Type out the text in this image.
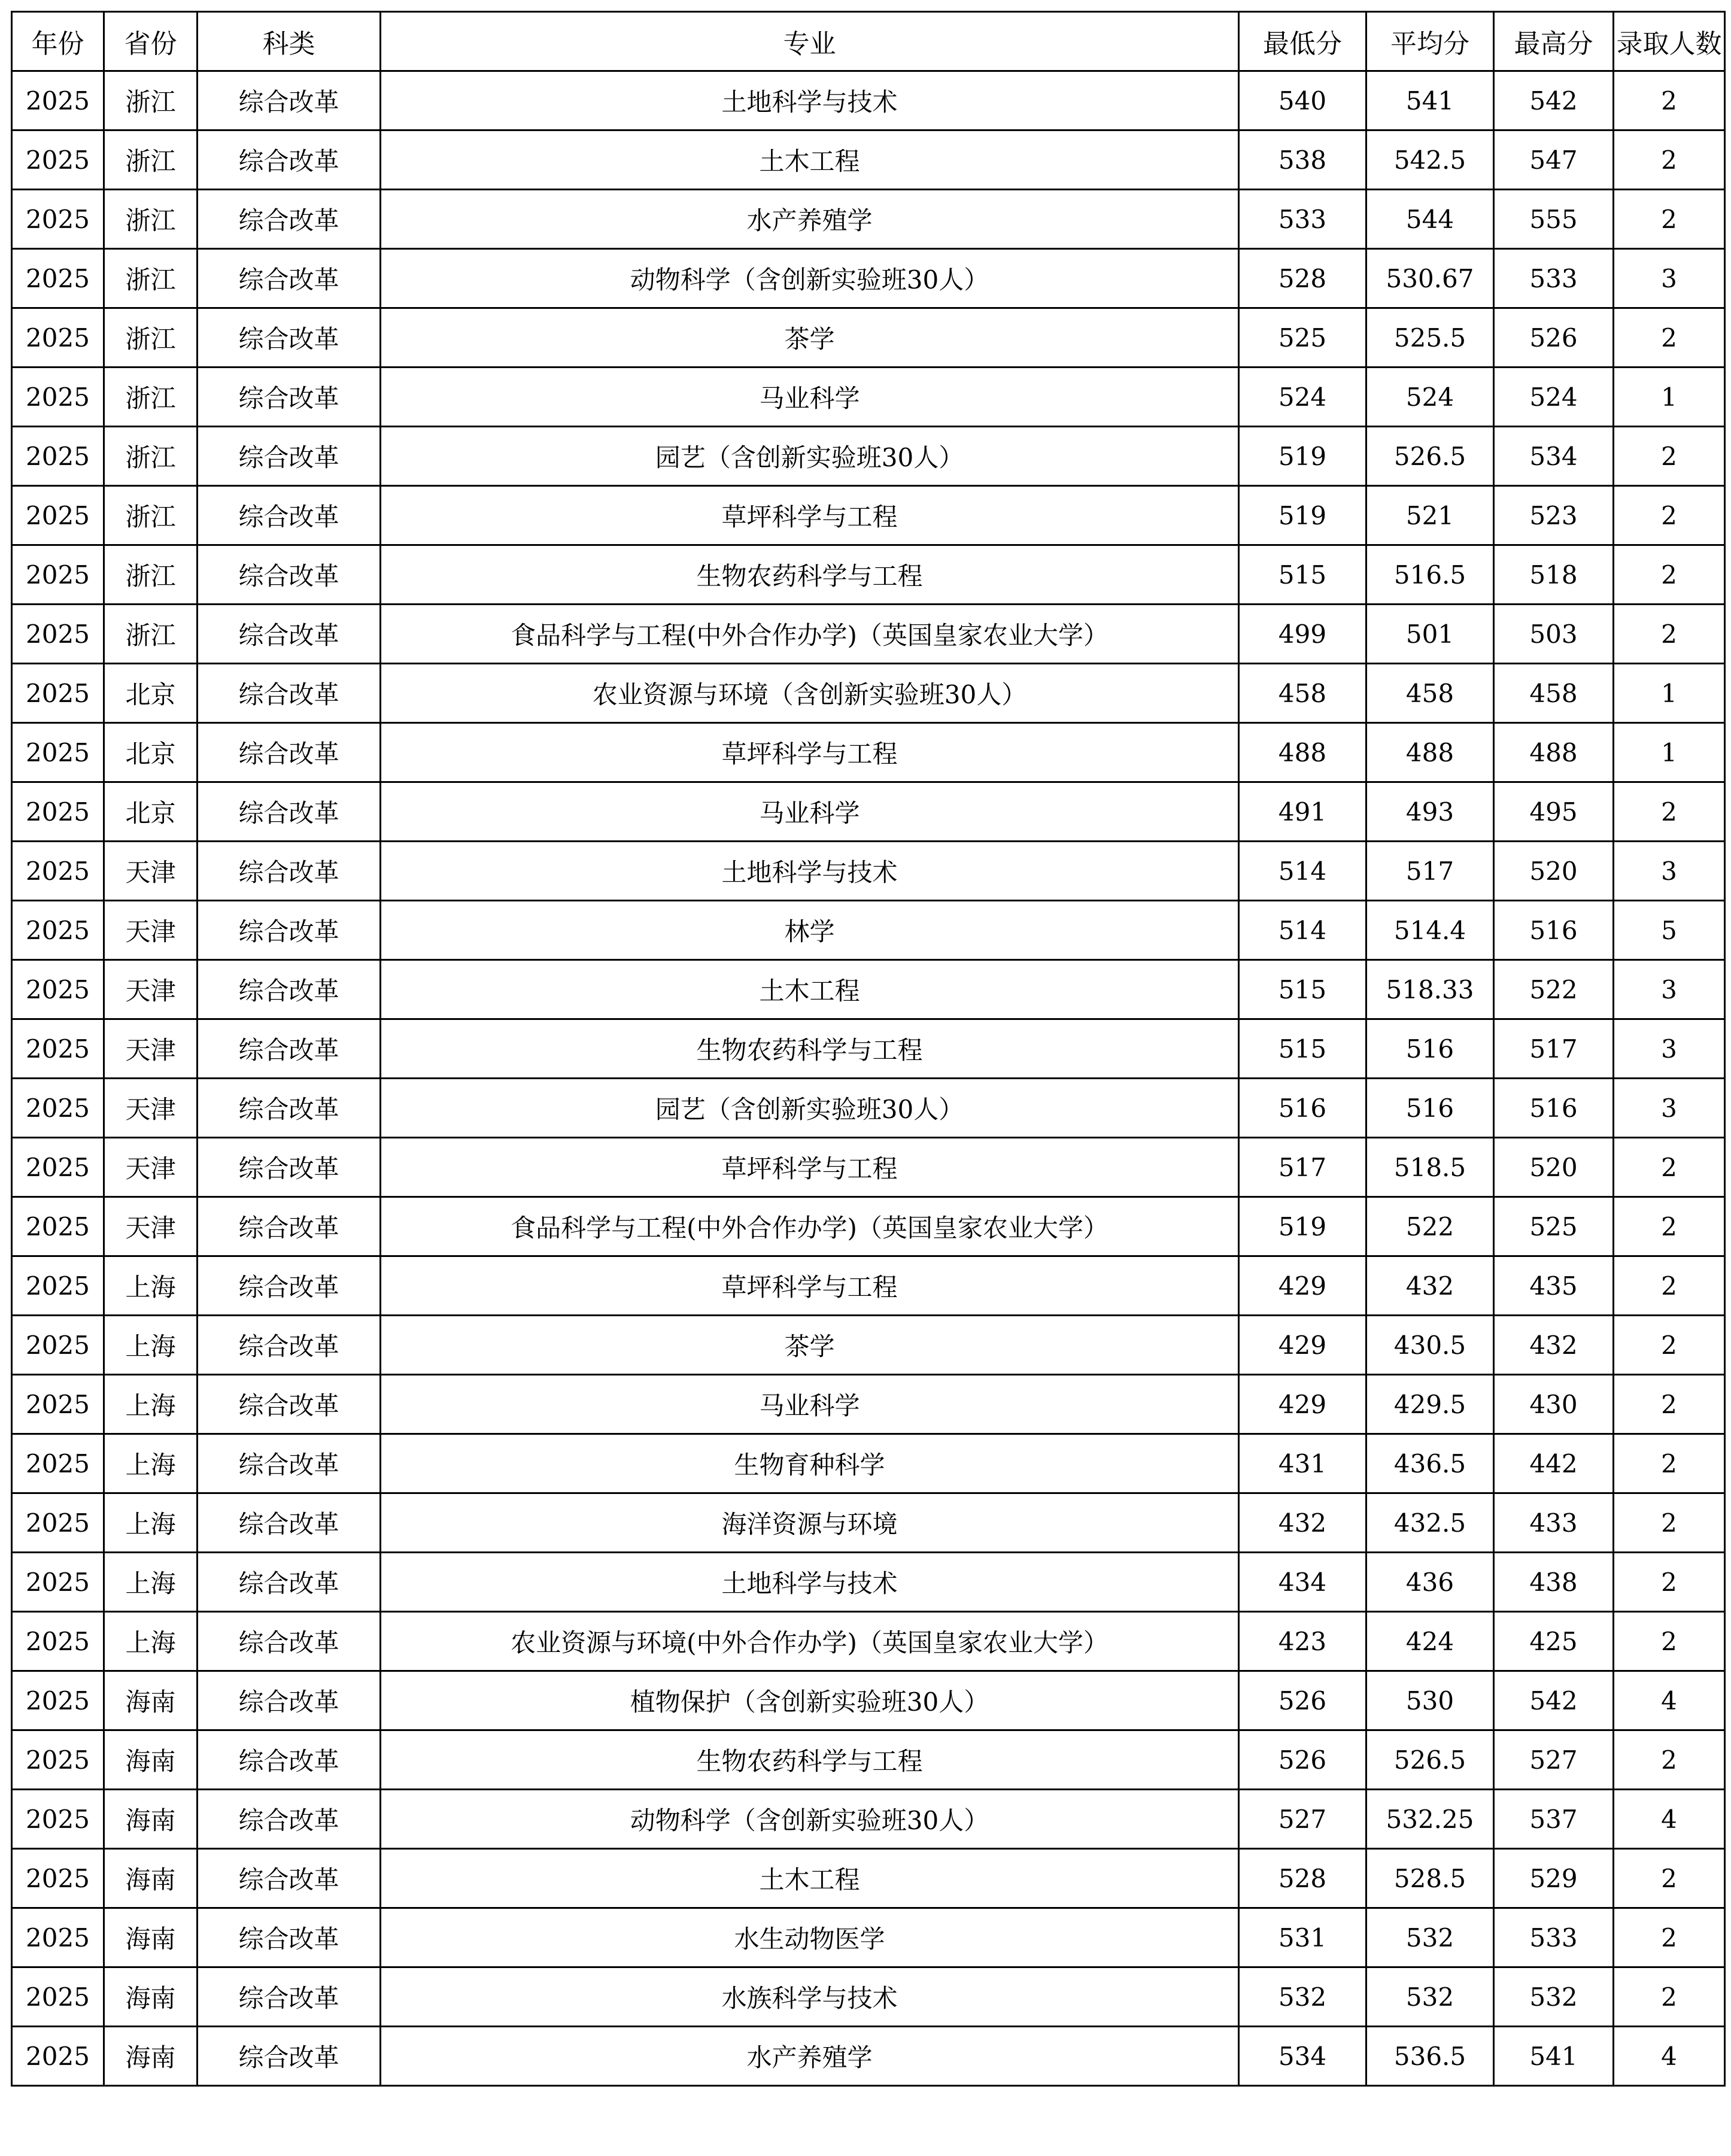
年份	省份	科类	专业	最低分	平均分	最高分	录取人数
2025	浙江	综合改革	土地科学与技术	540	541	542	2
2025	浙江	综合改革	土木工程	538	542.5	547	2
2025	浙江	综合改革	水产养殖学	533	544	555	2
2025	浙江	综合改革	动物科学（含创新实验班30人）	528	530.67	533	3
2025	浙江	综合改革	茶学	525	525.5	526	2
2025	浙江	综合改革	马业科学	524	524	524	1
2025	浙江	综合改革	园艺（含创新实验班30人）	519	526.5	534	2
2025	浙江	综合改革	草坪科学与工程	519	521	523	2
2025	浙江	综合改革	生物农药科学与工程	515	516.5	518	2
2025	浙江	综合改革	食品科学与工程(中外合作办学)（英国皇家农业大学）	499	501	503	2
2025	北京	综合改革	农业资源与环境（含创新实验班30人）	458	458	458	1
2025	北京	综合改革	草坪科学与工程	488	488	488	1
2025	北京	综合改革	马业科学	491	493	495	2
2025	天津	综合改革	土地科学与技术	514	517	520	3
2025	天津	综合改革	林学	514	514.4	516	5
2025	天津	综合改革	土木工程	515	518.33	522	3
2025	天津	综合改革	生物农药科学与工程	515	516	517	3
2025	天津	综合改革	园艺（含创新实验班30人）	516	516	516	3
2025	天津	综合改革	草坪科学与工程	517	518.5	520	2
2025	天津	综合改革	食品科学与工程(中外合作办学)（英国皇家农业大学）	519	522	525	2
2025	上海	综合改革	草坪科学与工程	429	432	435	2
2025	上海	综合改革	茶学	429	430.5	432	2
2025	上海	综合改革	马业科学	429	429.5	430	2
2025	上海	综合改革	生物育种科学	431	436.5	442	2
2025	上海	综合改革	海洋资源与环境	432	432.5	433	2
2025	上海	综合改革	土地科学与技术	434	436	438	2
2025	上海	综合改革	农业资源与环境(中外合作办学)（英国皇家农业大学）	423	424	425	2
2025	海南	综合改革	植物保护（含创新实验班30人）	526	530	542	4
2025	海南	综合改革	生物农药科学与工程	526	526.5	527	2
2025	海南	综合改革	动物科学（含创新实验班30人）	527	532.25	537	4
2025	海南	综合改革	土木工程	528	528.5	529	2
2025	海南	综合改革	水生动物医学	531	532	533	2
2025	海南	综合改革	水族科学与技术	532	532	532	2
2025	海南	综合改革	水产养殖学	534	536.5	541	4
